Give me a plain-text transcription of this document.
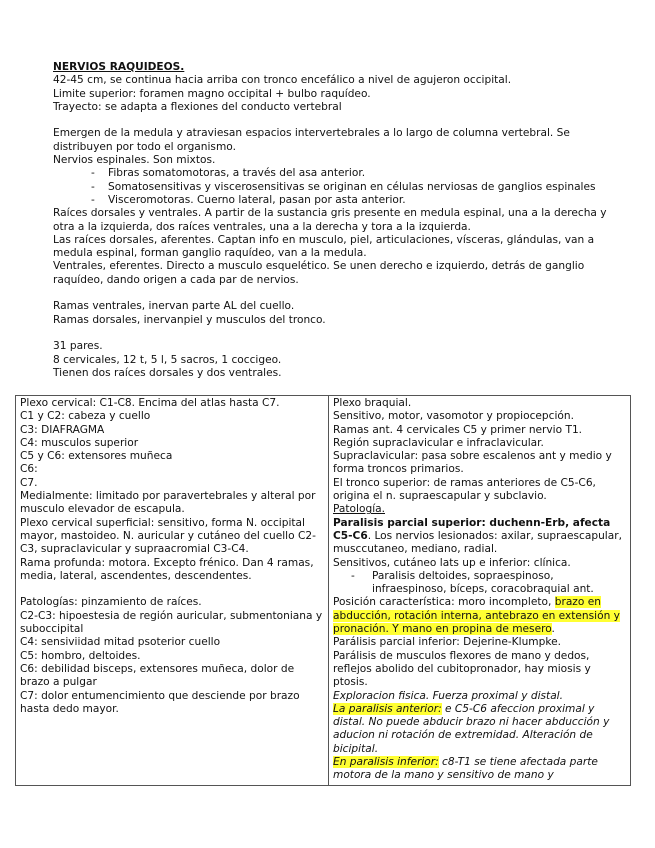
NERVIOS RAQUIDEOS.
42-45 cm, se continua hacia arriba con tronco encefálico a nivel de agujeron occipital.
Limite superior: foramen magno occipital + bulbo raquídeo.
Trayecto: se adapta a flexiones del conducto vertebral
Emergen de la medula y atraviesan espacios intervertebrales a lo largo de columna vertebral. Se distribuyen por todo el organismo.
Nervios espinales. Son mixtos.
- Fibras somatomotoras, a través del asa anterior.
- Somatosensitivas y viscerosensitivas se originan en células nerviosas de ganglios espinales
- Visceromotoras. Cuerno lateral, pasan por asta anterior.
Raíces dorsales y ventrales. A partir de la sustancia gris presente en medula espinal, una a la derecha y otra a la izquierda, dos raíces ventrales, una a la derecha y tora a la izquierda.
Las raíces dorsales, aferentes. Captan info en musculo, piel, articulaciones, vísceras, glándulas, van a medula espinal, forman ganglio raquídeo, van a la medula.
Ventrales, eferentes. Directo a musculo esquelético. Se unen derecho e izquierdo, detrás de ganglio raquídeo, dando origen a cada par de nervios.
Ramas ventrales, inervan parte AL del cuello.
Ramas dorsales, inervanpiel y musculos del tronco.
31 pares.
8 cervicales, 12 t, 5 l, 5 sacros, 1 coccigeo.
Tienen dos raíces dorsales y dos ventrales.
Plexo cervical: C1-C8. Encima del atlas hasta C7.
C1 y C2: cabeza y cuello
C3: DIAFRAGMA
C4: musculos superior
C5 y C6: extensores muñeca
C6:
C7.
Medialmente: limitado por paravertebrales y alteral por musculo elevador de escapula.
Plexo cervical superficial: sensitivo, forma N. occipital mayor, mastoideo. N. auricular y cutáneo del cuello C2-C3, supraclavicular y supraacromial C3-C4.
Rama profunda: motora. Excepto frénico. Dan 4 ramas, media, lateral, ascendentes, descendentes.
Patologías: pinzamiento de raíces.
C2-C3: hipoestesia de región auricular, submentoniana y suboccipital
C4: sensiviidad mitad psoterior cuello
C5: hombro, deltoides.
C6: debilidad bisceps, extensores muñeca, dolor de brazo a pulgar
C7: dolor entumencimiento que desciende por brazo hasta dedo mayor.

Plexo braquial.
Sensitivo, motor, vasomotor y propiocepción.
Ramas ant. 4 cervicales C5 y primer nervio T1.
Región supraclavicular e infraclavicular.
Supraclavicular: pasa sobre escalenos ant y medio y forma troncos primarios.
El tronco superior: de ramas anteriores de C5-C6, origina el n. supraescapular y subclavio.
Patología.
Paralisis parcial superior: duchenn-Erb, afecta C5-C6. Los nervios lesionados: axilar, supraescapular, musccutaneo, mediano, radial.
Sensitivos, cutáneo lats up e inferior: clínica.
- Paralisis deltoides, sopraespinoso, infraespinoso, bíceps, coracobraquial ant.
Posición característica: moro incompleto, brazo en abducción, rotación interna, antebrazo en extensión y pronación. Y mano en propina de mesero.
Parálisis parcial inferior: Dejerine-Klumpke.
Parálisis de musculos flexores de mano y dedos, reflejos abolido del cubitopronador, hay miosis y ptosis.
Exploracion fisica. Fuerza proximal y distal.
La paralisis anterior: e C5-C6 afeccion proximal y distal. No puede abducir brazo ni hacer abducción y aducion ni rotación de extremidad. Alteración de bicipital.
En paralisis inferior: c8-T1 se tiene afectada parte motora de la mano y sensitivo de mano y
